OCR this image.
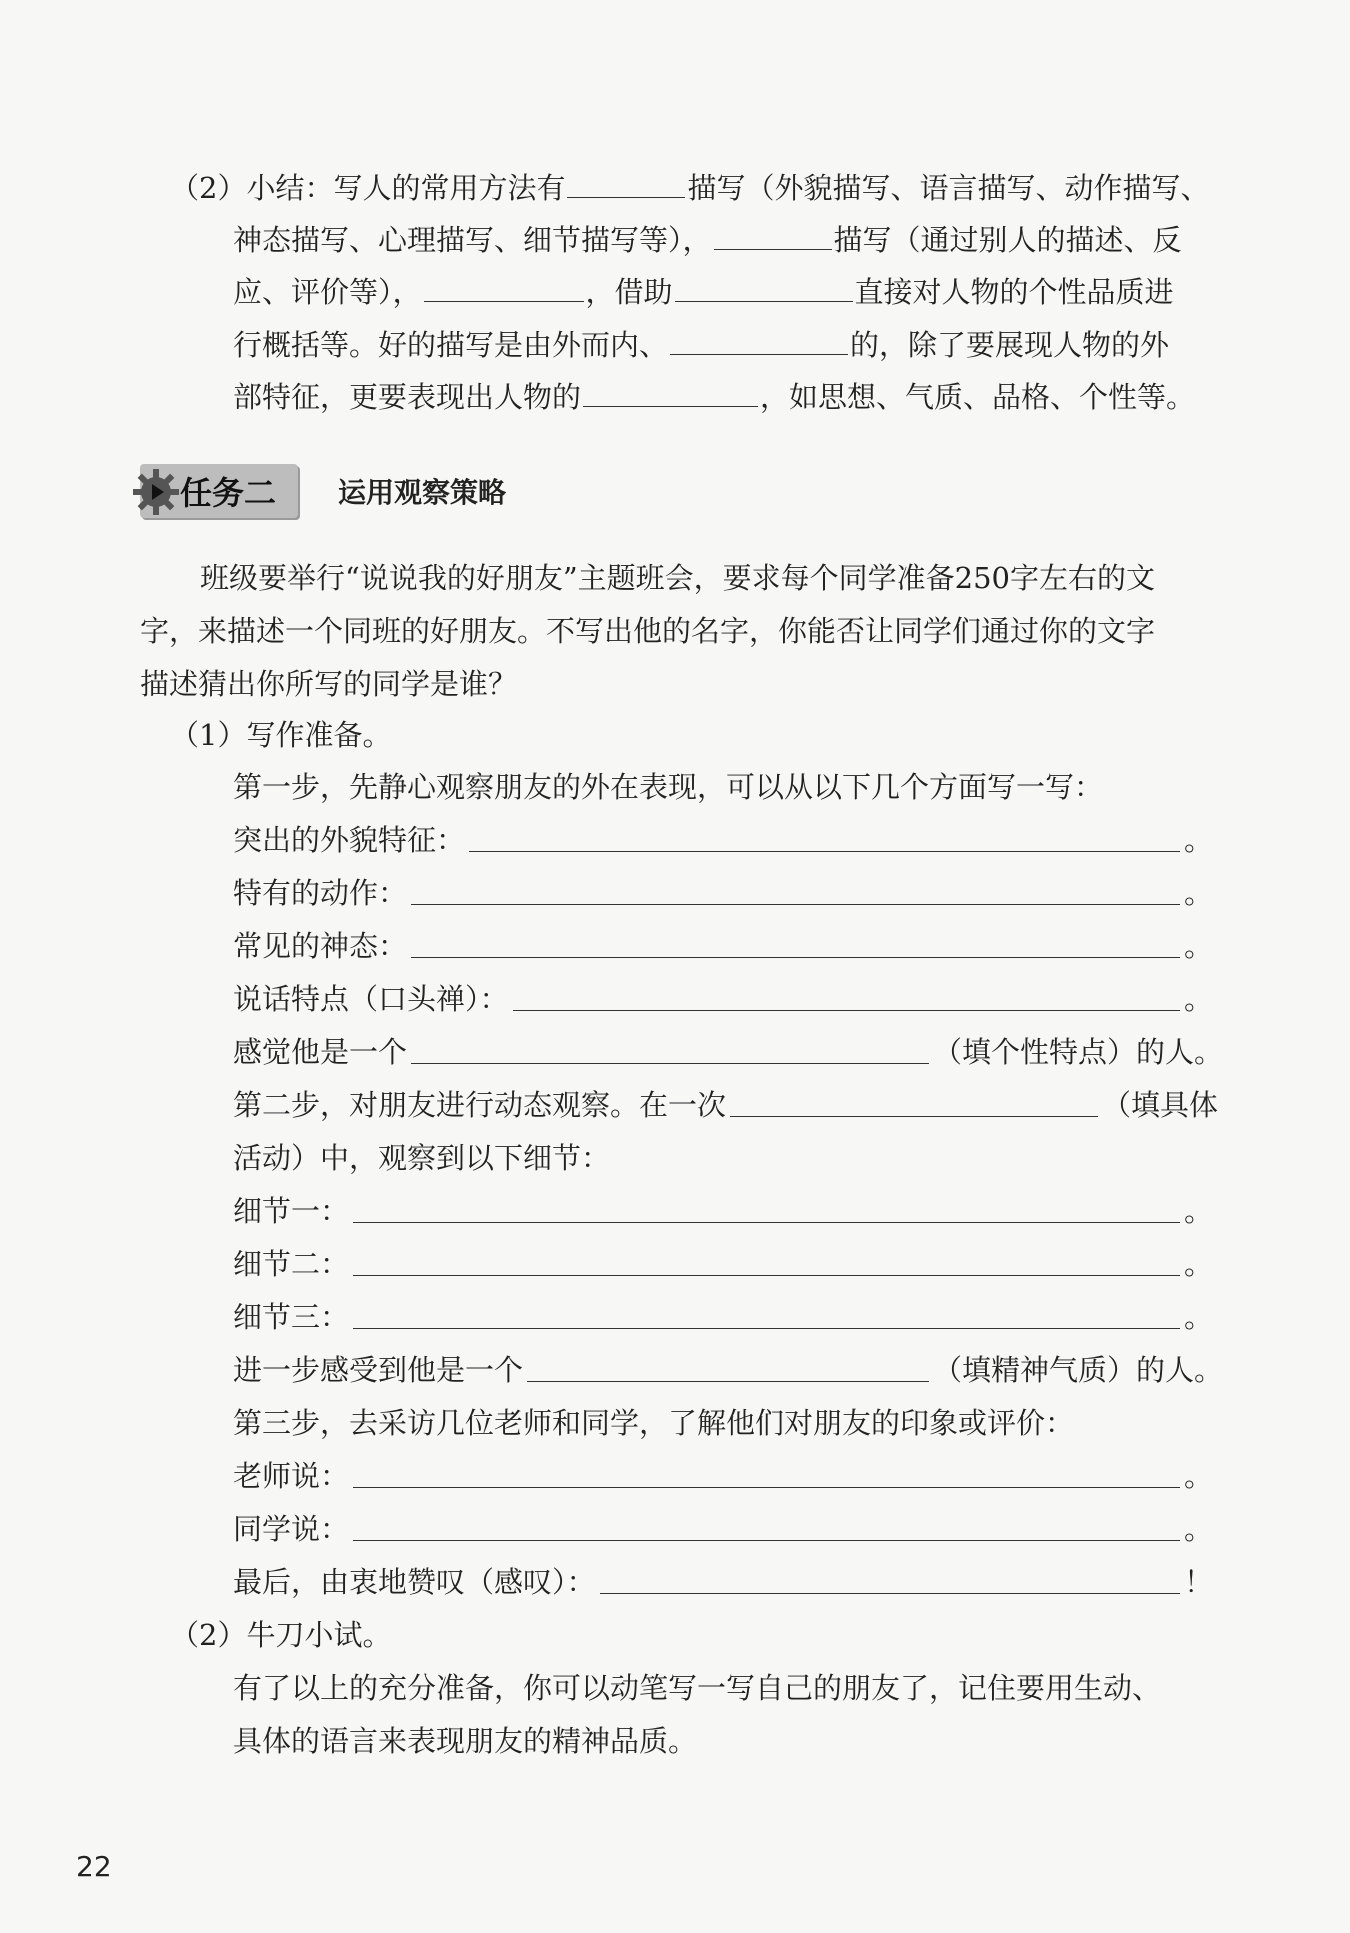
（2）小结：写人的常用方法有	描写（外貌描写、语言描写、动作描写、
神态描写、心理描写、细节描写等），	描写（通过别人的描述、反
应、评价等），	，借助	直接对人物的个性品质进
行概括等。好的描写是由外而内、	的，除了要展现人物的外
部特征，更要表现出人物的	，如思想、气质、品格、个性等。
任务二	运用观察策略
班级要举行“说说我的好朋友”主题班会，要求每个同学准备250字左右的文
字，来描述一个同班的好朋友。不写出他的名字，你能否让同学们通过你的文字
描述猜出你所写的同学是谁？
（1）写作准备。
第一步，先静心观察朋友的外在表现，可以从以下几个方面写一写：
突出的外貌特征：	。
特有的动作：	。
常见的神态：	。
说话特点（口头禅）：	。
感觉他是一个	（填个性特点）的人。
第二步，对朋友进行动态观察。在一次	（填具体
活动）中，观察到以下细节：
细节一：	。
细节二：	。
细节三：	。
进一步感受到他是一个	（填精神气质）的人。
第三步，去采访几位老师和同学，了解他们对朋友的印象或评价：
老师说：	。
同学说：	。
最后，由衷地赞叹（感叹）：	！
（2）牛刀小试。
有了以上的充分准备，你可以动笔写一写自己的朋友了，记住要用生动、
具体的语言来表现朋友的精神品质。
22
